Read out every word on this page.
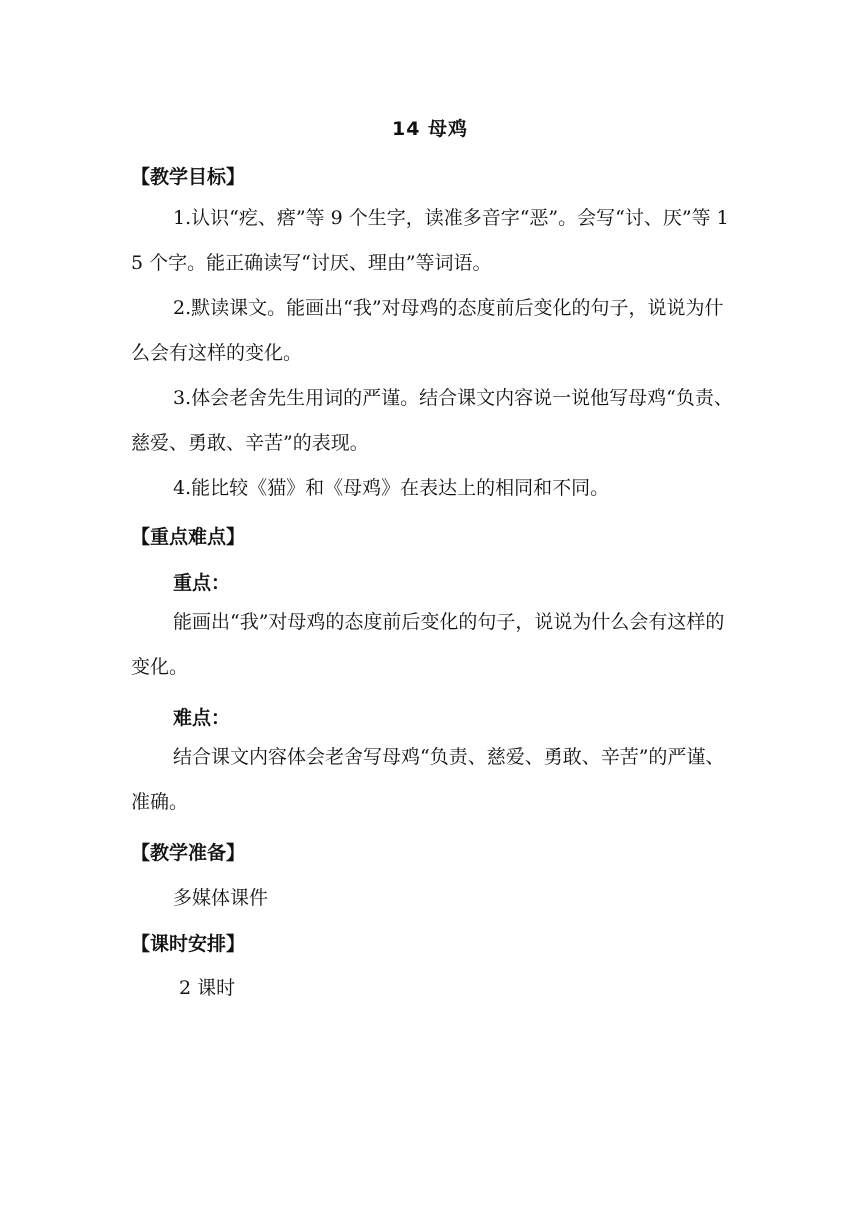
14 母鸡
【教学目标】
1.认识“疙、瘩”等 9 个生字，读准多音字“恶”。会写“讨、厌”等 15 个字。能正确读写“讨厌、理由”等词语。
2.默读课文。能画出“我”对母鸡的态度前后变化的句子，说说为什么会有这样的变化。
3.体会老舍先生用词的严谨。结合课文内容说一说他写母鸡“负责、慈爱、勇敢、辛苦”的表现。
4.能比较《猫》和《母鸡》在表达上的相同和不同。
【重点难点】
重点：
能画出“我”对母鸡的态度前后变化的句子，说说为什么会有这样的变化。
难点：
结合课文内容体会老舍写母鸡“负责、慈爱、勇敢、辛苦”的严谨、准确。
【教学准备】
多媒体课件
【课时安排】
2 课时
